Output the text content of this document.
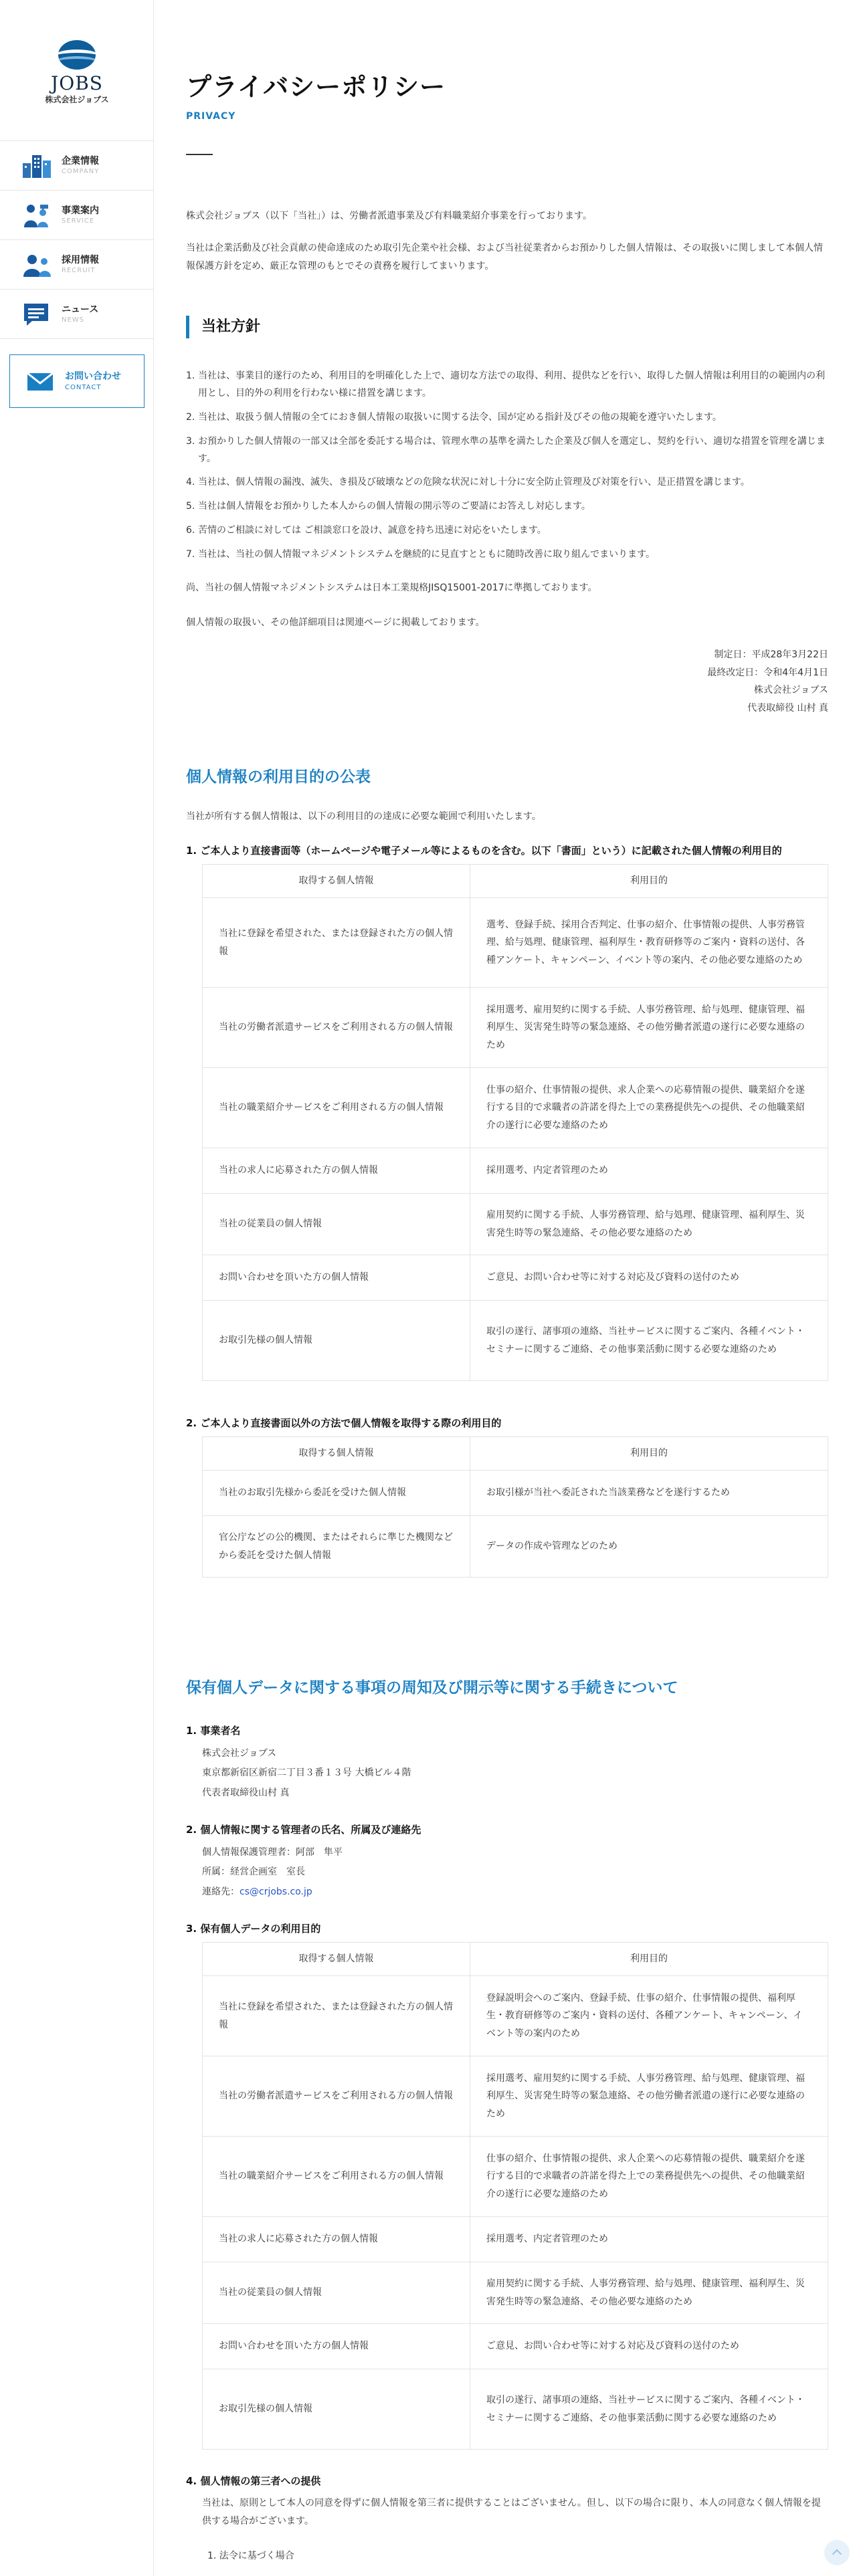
JOBS
株式会社ジョブス
企業情報
COMPANY
事業案内
SERVICE
採用情報
RECRUIT
ニュース
NEWS
お問い合わせ
CONTACT
プライバシーポリシー
PRIVACY

株式会社ジョブス（以下「当社」）は、労働者派遣事業及び有料職業紹介事業を行っております。

当社は企業活動及び社会貢献の使命達成のため取引先企業や社会様、および当社従業者からお預かりした個人情報は、その取扱いに関しまして本個人情報保護方針を定め、厳正な管理のもとでその責務を履行してまいります。

当社方針
1. 当社は、事業目的遂行のため、利用目的を明確化した上で、適切な方法での取得、利用、提供などを行い、取得した個人情報は利用目的の範囲内の利用とし、目的外の利用を行わない様に措置を講じます。
2. 当社は、取扱う個人情報の全てにおき個人情報の取扱いに関する法令、国が定める指針及びその他の規範を遵守いたします。
3. お預かりした個人情報の一部又は全部を委託する場合は、管理水準の基準を満たした企業及び個人を選定し、契約を行い、適切な措置を管理を講じます。
4. 当社は、個人情報の漏洩、滅失、き損及び破壊などの危険な状況に対し十分に安全防止管理及び対策を行い、是正措置を講じます。
5. 当社は個人情報をお預かりした本人からの個人情報の開示等のご要請にお答えし対応します。
6. 苦情のご相談に対しては ご相談窓口を設け、誠意を持ち迅速に対応をいたします。
7. 当社は、当社の個人情報マネジメントシステムを継続的に見直すとともに随時改善に取り組んでまいります。

尚、当社の個人情報マネジメントシステムは日本工業規格JISQ15001-2017に準拠しております。

個人情報の取扱い、その他詳細項目は関連ページに掲載しております。

制定日：平成28年3月22日
最終改定日：令和4年4月1日
株式会社ジョブス
代表取締役 山村 真
個人情報の利用目的の公表

当社が所有する個人情報は、以下の利用目的の達成に必要な範囲で利用いたします。

1. ご本人より直接書面等（ホームページや電子メール等によるものを含む。以下「書面」という）に記載された個人情報の利用目的
取得する個人情報	利用目的
当社に登録を希望された、または登録された方の個人情報	選考、登録手続、採用合否判定、仕事の紹介、仕事情報の提供、人事労務管理、給与処理、健康管理、福利厚生・教育研修等のご案内・資料の送付、各種アンケート、キャンペーン、イベント等の案内、その他必要な連絡のため
当社の労働者派遣サービスをご利用される方の個人情報	採用選考、雇用契約に関する手続、人事労務管理、給与処理、健康管理、福利厚生、災害発生時等の緊急連絡、その他労働者派遣の遂行に必要な連絡のため
当社の職業紹介サービスをご利用される方の個人情報	仕事の紹介、仕事情報の提供、求人企業への応募情報の提供、職業紹介を遂行する目的で求職者の許諾を得た上での業務提供先への提供、その他職業紹介の遂行に必要な連絡のため
当社の求人に応募された方の個人情報	採用選考、内定者管理のため
当社の従業員の個人情報	雇用契約に関する手続、人事労務管理、給与処理、健康管理、福利厚生、災害発生時等の緊急連絡、その他必要な連絡のため
お問い合わせを頂いた方の個人情報	ご意見、お問い合わせ等に対する対応及び資料の送付のため
お取引先様の個人情報	取引の遂行、諸事項の連絡、当社サービスに関するご案内、各種イベント・セミナーに関するご連絡、その他事業活動に関する必要な連絡のため
2. ご本人より直接書面以外の方法で個人情報を取得する際の利用目的
取得する個人情報	利用目的
当社のお取引先様から委託を受けた個人情報	お取引様が当社へ委託された当該業務などを遂行するため
官公庁などの公的機関、またはそれらに準じた機関などから委託を受けた個人情報	データの作成や管理などのため
保有個人データに関する事項の周知及び開示等に関する手続きについて
1. 事業者名
株式会社ジョブス
東京都新宿区新宿二丁目３番１３号 大橋ビル４階
代表者取締役山村 真
2. 個人情報に関する管理者の氏名、所属及び連絡先
個人情報保護管理者：阿部　隼平
所属：経営企画室　室長
連絡先：cs@crjobs.co.jp
3. 保有個人データの利用目的
取得する個人情報	利用目的
当社に登録を希望された、または登録された方の個人情報	登録説明会へのご案内、登録手続、仕事の紹介、仕事情報の提供、福利厚生・教育研修等のご案内・資料の送付、各種アンケート、キャンペーン、イベント等の案内のため
当社の労働者派遣サービスをご利用される方の個人情報	採用選考、雇用契約に関する手続、人事労務管理、給与処理、健康管理、福利厚生、災害発生時等の緊急連絡、その他労働者派遣の遂行に必要な連絡のため
当社の職業紹介サービスをご利用される方の個人情報	仕事の紹介、仕事情報の提供、求人企業への応募情報の提供、職業紹介を遂行する目的で求職者の許諾を得た上での業務提供先への提供、その他職業紹介の遂行に必要な連絡のため
当社の求人に応募された方の個人情報	採用選考、内定者管理のため
当社の従業員の個人情報	雇用契約に関する手続、人事労務管理、給与処理、健康管理、福利厚生、災害発生時等の緊急連絡、その他必要な連絡のため
お問い合わせを頂いた方の個人情報	ご意見、お問い合わせ等に対する対応及び資料の送付のため
お取引先様の個人情報	取引の遂行、諸事項の連絡、当社サービスに関するご案内、各種イベント・セミナーに関するご連絡、その他事業活動に関する必要な連絡のため
4. 個人情報の第三者への提供

当社は、原則として本人の同意を得ずに個人情報を第三者に提供することはございません。但し、以下の場合に限り、本人の同意なく個人情報を提供する場合がございます。

1. 法令に基づく場合
